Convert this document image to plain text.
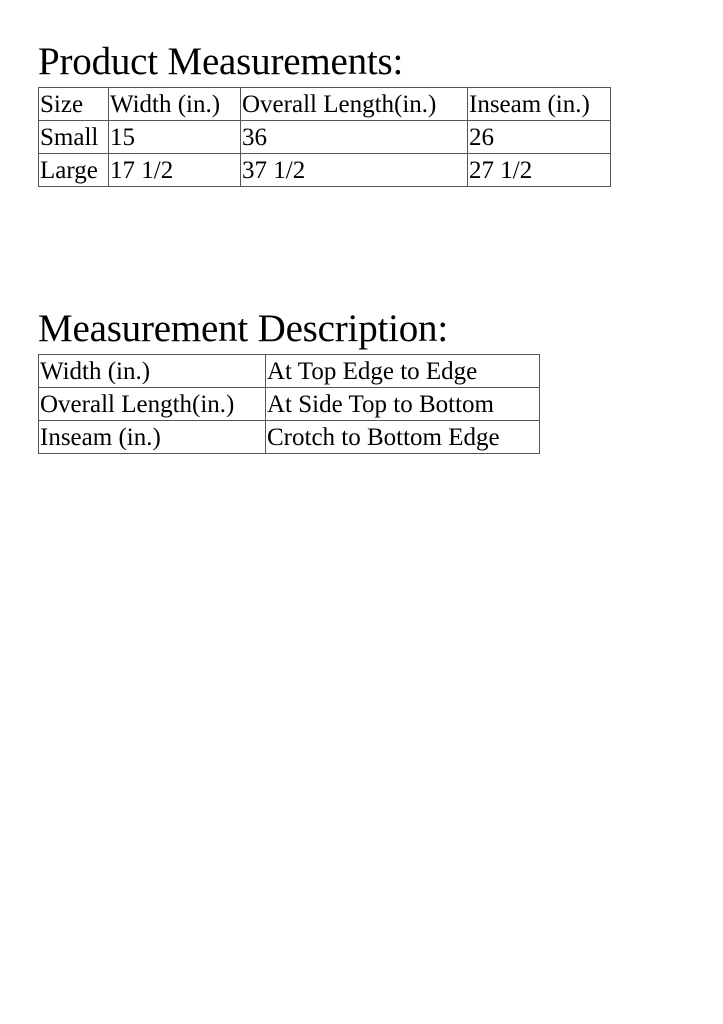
Product Measurements:
Size	Width (in.)	Overall Length(in.)	Inseam (in.)
Small	15	36	26
Large	17 1/2	37 1/2	27 1/2
Measurement Description:
Width (in.)	At Top Edge to Edge
Overall Length(in.)	At Side Top to Bottom
Inseam (in.)	Crotch to Bottom Edge
